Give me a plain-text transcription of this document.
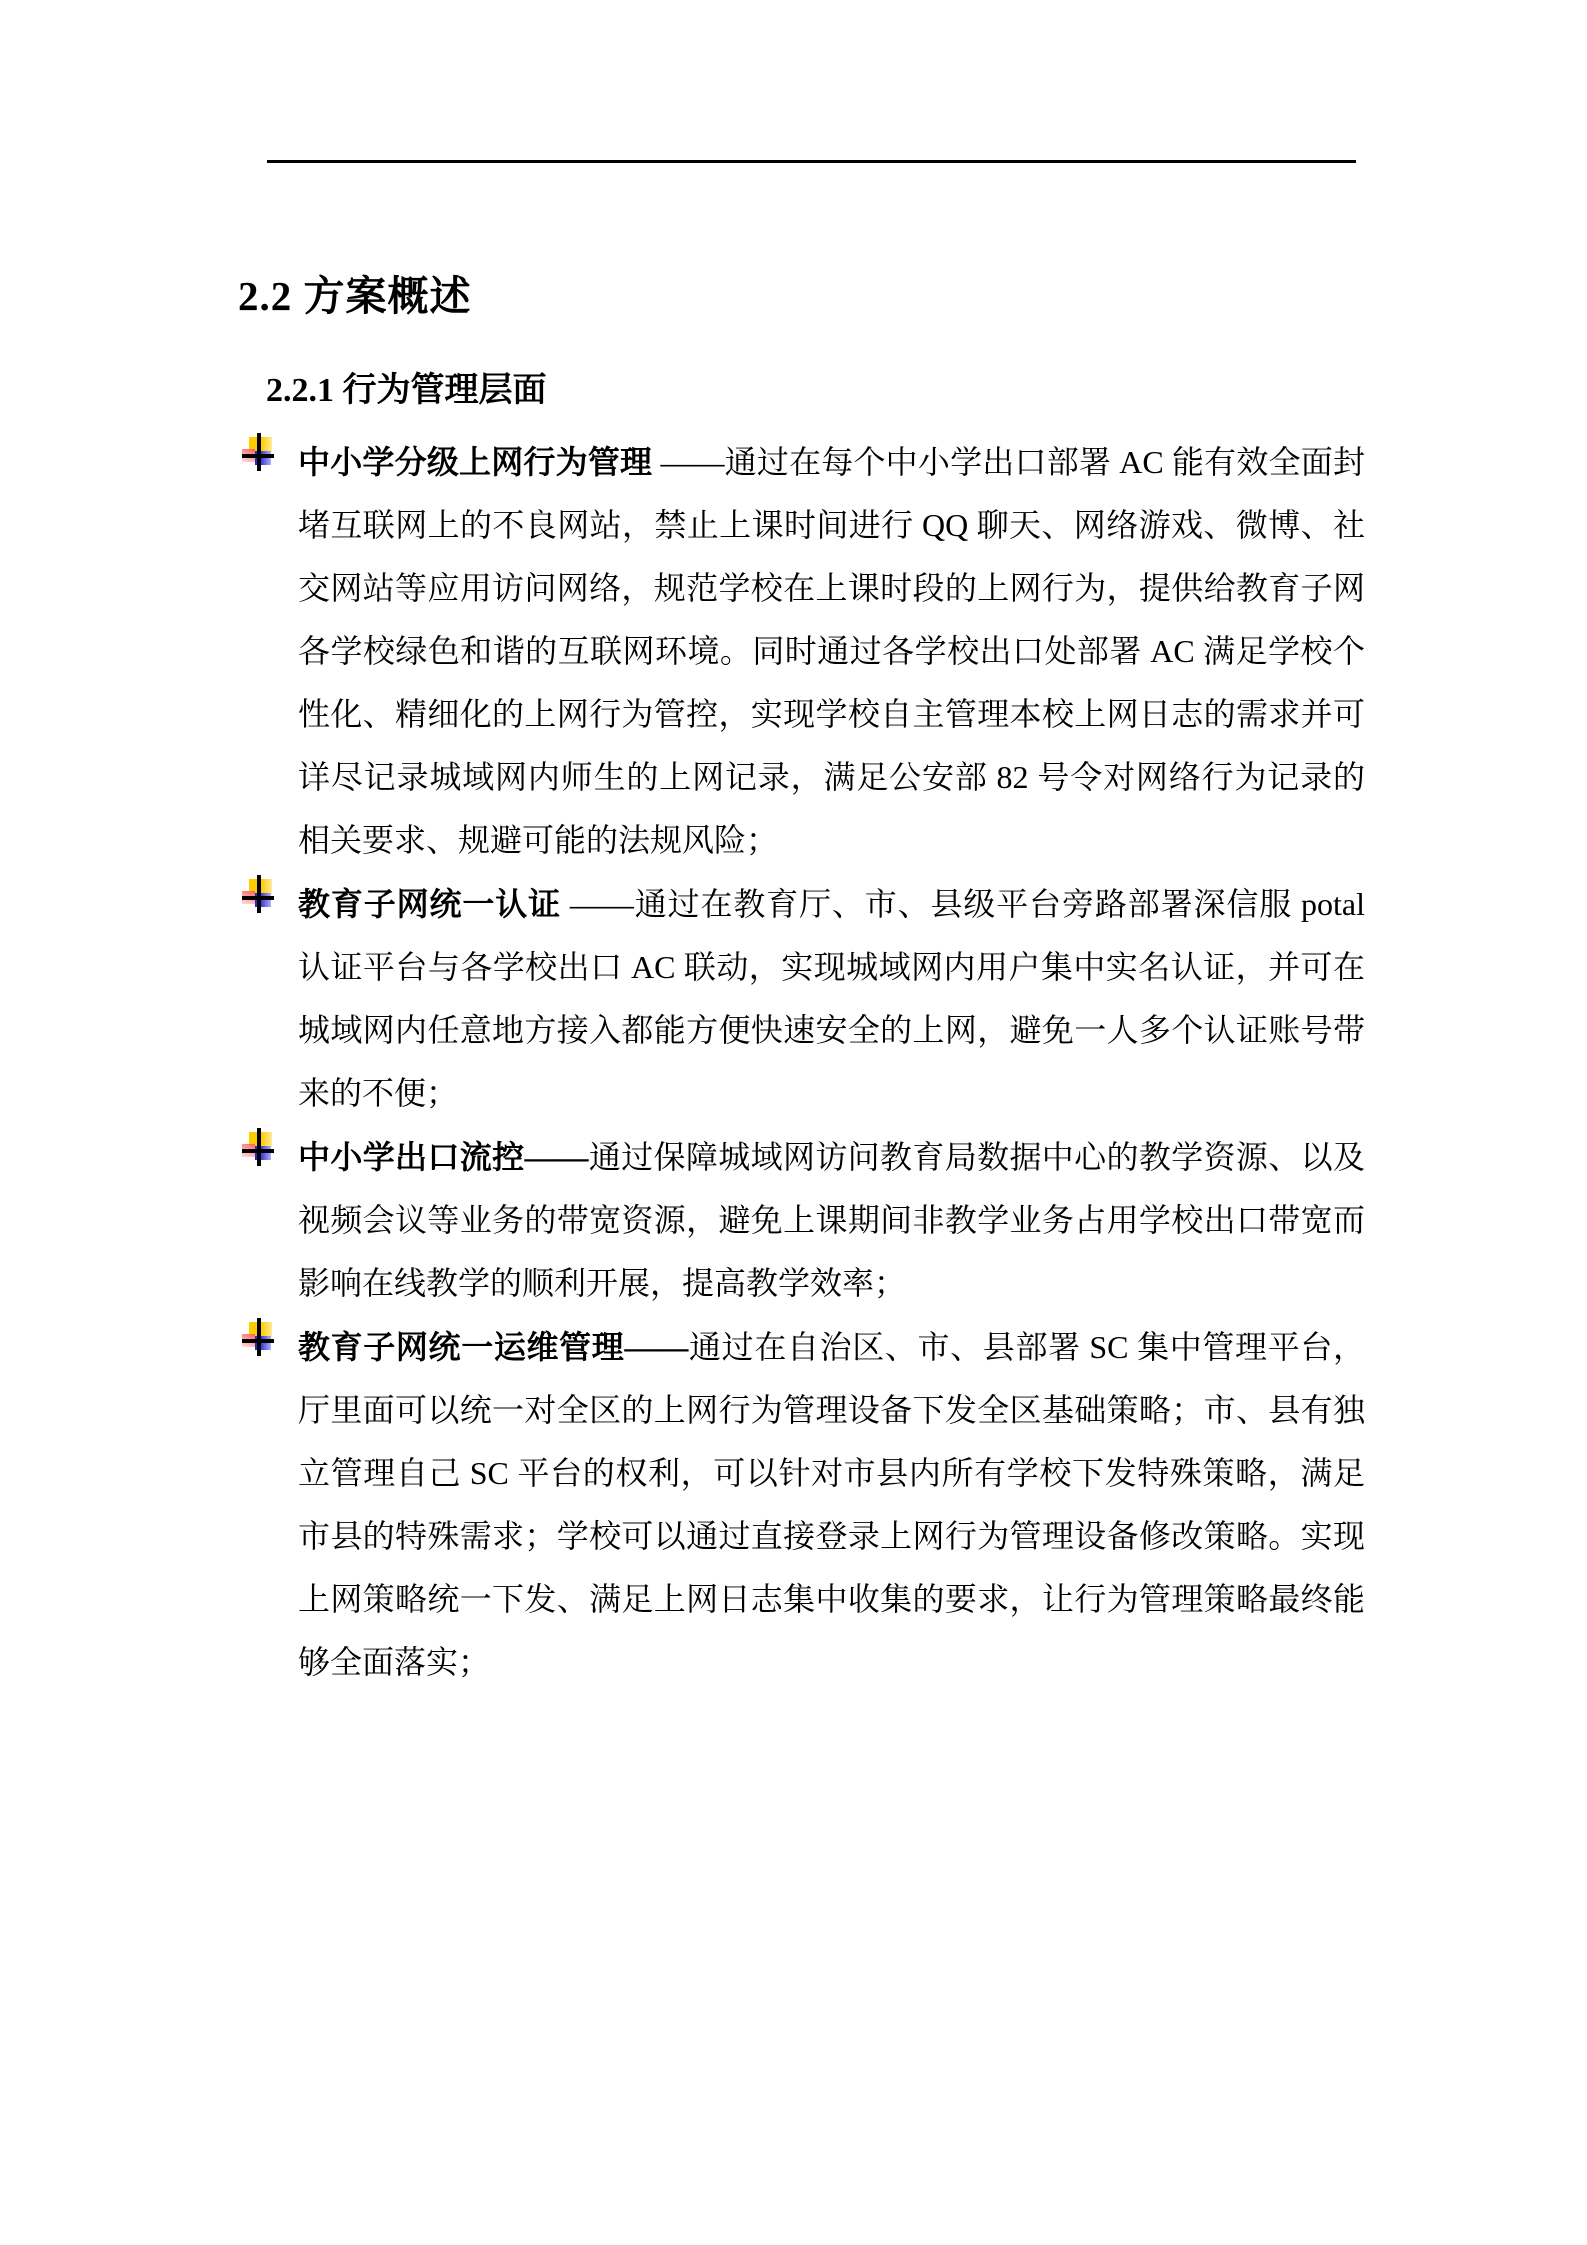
2.2 方案概述
2.2.1 行为管理层面
中小学分级上网行为管理 ——通过在每个中小学出口部署 AC 能有效全面封堵互联网上的不良网站，禁止上课时间进行 QQ 聊天、网络游戏、微博、社交网站等应用访问网络，规范学校在上课时段的上网行为，提供给教育子网各学校绿色和谐的互联网环境。同时通过各学校出口处部署 AC 满足学校个性化、精细化的上网行为管控，实现学校自主管理本校上网日志的需求并可详尽记录城域网内师生的上网记录，满足公安部 82 号令对网络行为记录的相关要求、规避可能的法规风险；
教育子网统一认证 ——通过在教育厅、市、县级平台旁路部署深信服 potal 认证平台与各学校出口 AC 联动，实现城域网内用户集中实名认证，并可在城域网内任意地方接入都能方便快速安全的上网，避免一人多个认证账号带来的不便；
中小学出口流控——通过保障城域网访问教育局数据中心的教学资源、以及视频会议等业务的带宽资源，避免上课期间非教学业务占用学校出口带宽而影响在线教学的顺利开展，提高教学效率；
教育子网统一运维管理——通过在自治区、市、县部署 SC 集中管理平台，厅里面可以统一对全区的上网行为管理设备下发全区基础策略；市、县有独立管理自己 SC 平台的权利，可以针对市县内所有学校下发特殊策略，满足市县的特殊需求；学校可以通过直接登录上网行为管理设备修改策略。实现上网策略统一下发、满足上网日志集中收集的要求，让行为管理策略最终能够全面落实；
